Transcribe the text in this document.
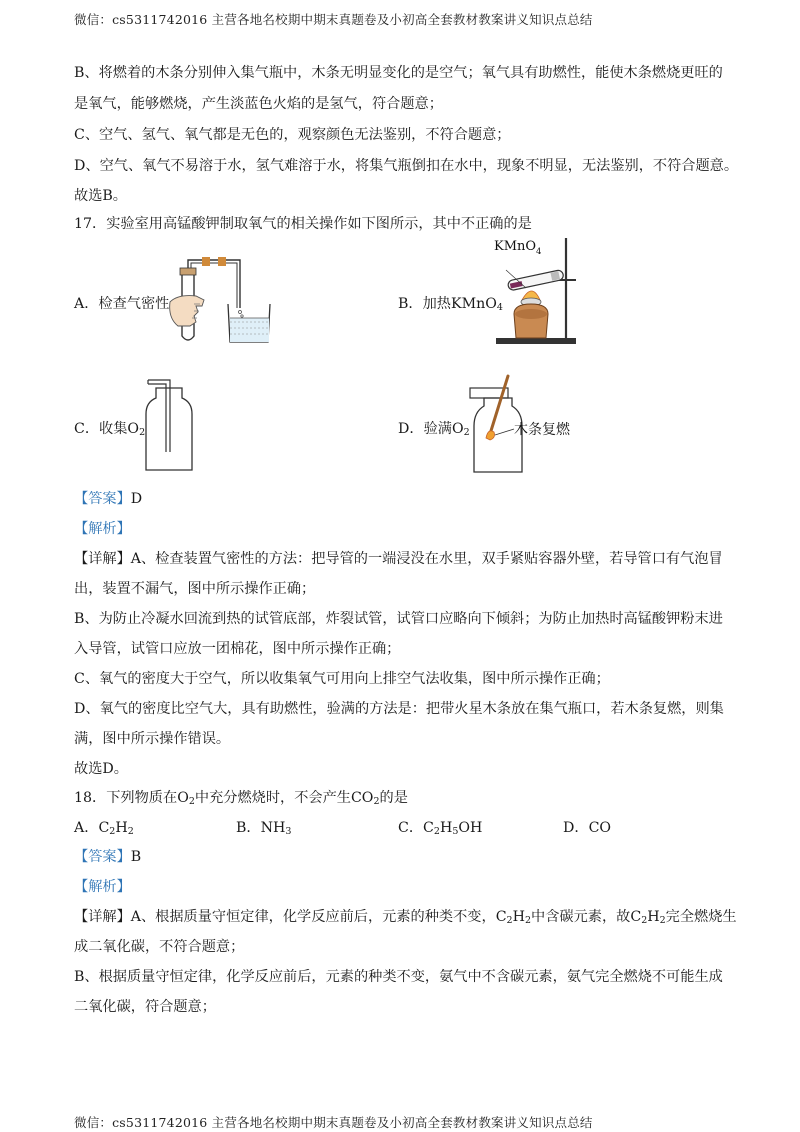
微信：cs5311742016 主营各地名校期中期末真题卷及小初高全套教材教案讲义知识点总结
B、将燃着的木条分别伸入集气瓶中，木条无明显变化的是空气；氧气具有助燃性，能使木条燃烧更旺的
是氧气，能够燃烧，产生淡蓝色火焰的是氢气，符合题意；
C、空气、氢气、氧气都是无色的，观察颜色无法鉴别，不符合题意；
D、空气、氧气不易溶于水，氢气难溶于水，将集气瓶倒扣在水中，现象不明显，无法鉴别，不符合题意。
故选B。
17．实验室用高锰酸钾制取氧气的相关操作如下图所示，其中不正确的是
A．检查气密性	B．加热KMnO$_4$
C．收集$O_2$	D．验满$O_2$
KMnO 4
木条复燃
【答案】D
【解析】
【详解】A、检查装置气密性的方法：把导管的一端浸没在水里，双手紧贴容器外壁，若导管口有气泡冒
出，装置不漏气，图中所示操作正确；
B、为防止冷凝水回流到热的试管底部，炸裂试管，试管口应略向下倾斜；为防止加热时高锰酸钾粉末进
入导管，试管口应放一团棉花，图中所示操作正确；
C、氧气的密度大于空气，所以收集氧气可用向上排空气法收集，图中所示操作正确；
D、氧气的密度比空气大，具有助燃性，验满的方法是：把带火星木条放在集气瓶口，若木条复燃，则集
满，图中所示操作错误。
故选D。
18．下列物质在$O_2$中充分燃烧时，不会产生$CO_2$的是
A．$C_2H_2$	B．$NH_3$	C．$C_2H_5OH$	D．CO
【答案】B
【解析】
【详解】A、根据质量守恒定律，化学反应前后，元素的种类不变，$C_2H_2$中含碳元素，故$C_2H_2$完全燃烧生
成二氧化碳，不符合题意；
B、根据质量守恒定律，化学反应前后，元素的种类不变，氨气中不含碳元素，氨气完全燃烧不可能生成
二氧化碳，符合题意；
微信：cs5311742016 主营各地名校期中期末真题卷及小初高全套教材教案讲义知识点总结
